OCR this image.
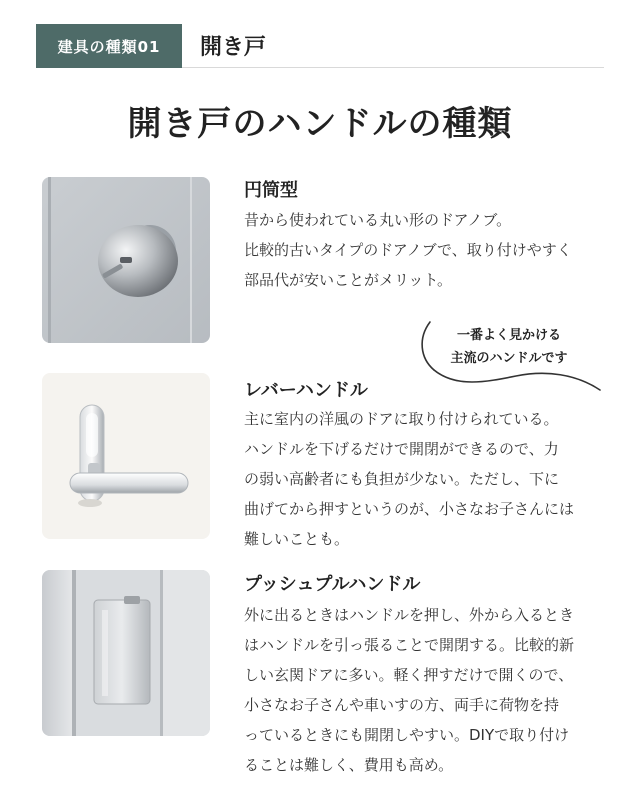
建具の種類01	開き戸
開き戸のハンドルの種類
円筒型

昔から使われている丸い形のドアノブ。
比較的古いタイプのドアノブで、取り付けやすく
部品代が安いことがメリット。

一番よく見かける
主流のハンドルです
レバーハンドル

主に室内の洋風のドアに取り付けられている。
ハンドルを下げるだけで開閉ができるので、力
の弱い高齢者にも負担が少ない。ただし、下に
曲げてから押すというのが、小さなお子さんには
難しいことも。

プッシュプルハンドル

外に出るときはハンドルを押し、外から入るとき
はハンドルを引っ張ることで開閉する。比較的新
しい玄関ドアに多い。軽く押すだけで開くので、
小さなお子さんや車いすの方、両手に荷物を持
っているときにも開閉しやすい。DIYで取り付け
ることは難しく、費用も高め。
